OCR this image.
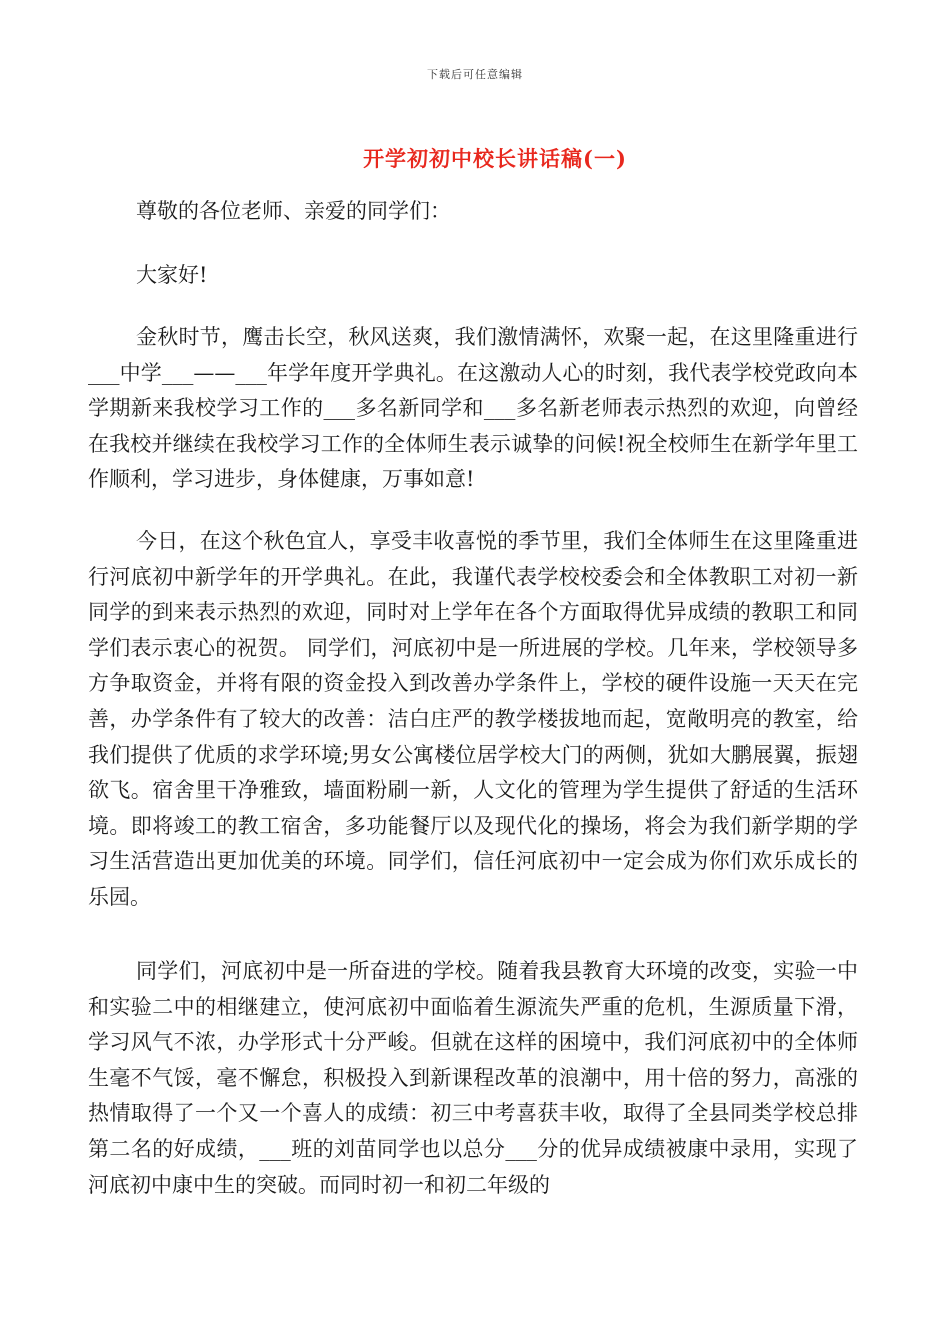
下载后可任意编辑
开学初初中校长讲话稿(一)

尊敬的各位老师、亲爱的同学们：

大家好!

金秋时节，鹰击长空，秋风送爽，我们激情满怀，欢聚一起，在这里隆重进行___中学___——___年学年度开学典礼。在这激动人心的时刻，我代表学校党政向本学期新来我校学习工作的___多名新同学和___多名新老师表示热烈的欢迎，向曾经在我校并继续在我校学习工作的全体师生表示诚挚的问候!祝全校师生在新学年里工作顺利，学习进步，身体健康，万事如意!

今日，在这个秋色宜人，享受丰收喜悦的季节里，我们全体师生在这里隆重进行河底初中新学年的开学典礼。在此，我谨代表学校校委会和全体教职工对初一新同学的到来表示热烈的欢迎，同时对上学年在各个方面取得优异成绩的教职工和同学们表示衷心的祝贺。 同学们，河底初中是一所进展的学校。几年来，学校领导多方争取资金，并将有限的资金投入到改善办学条件上，学校的硬件设施一天天在完善，办学条件有了较大的改善：洁白庄严的教学楼拔地而起，宽敞明亮的教室，给我们提供了优质的求学环境;男女公寓楼位居学校大门的两侧，犹如大鹏展翼，振翅欲飞。宿舍里干净雅致，墙面粉刷一新，人文化的管理为学生提供了舒适的生活环境。即将竣工的教工宿舍，多功能餐厅以及现代化的操场，将会为我们新学期的学习生活营造出更加优美的环境。同学们，信任河底初中一定会成为你们欢乐成长的乐园。

同学们，河底初中是一所奋进的学校。随着我县教育大环境的改变，实验一中和实验二中的相继建立，使河底初中面临着生源流失严重的危机，生源质量下滑，学习风气不浓，办学形式十分严峻。但就在这样的困境中，我们河底初中的全体师生毫不气馁，毫不懈怠，积极投入到新课程改革的浪潮中，用十倍的努力，高涨的热情取得了一个又一个喜人的成绩：初三中考喜获丰收，取得了全县同类学校总排第二名的好成绩，___班的刘苗同学也以总分___分的优异成绩被康中录用，实现了河底初中康中生的突破。而同时初一和初二年级的
